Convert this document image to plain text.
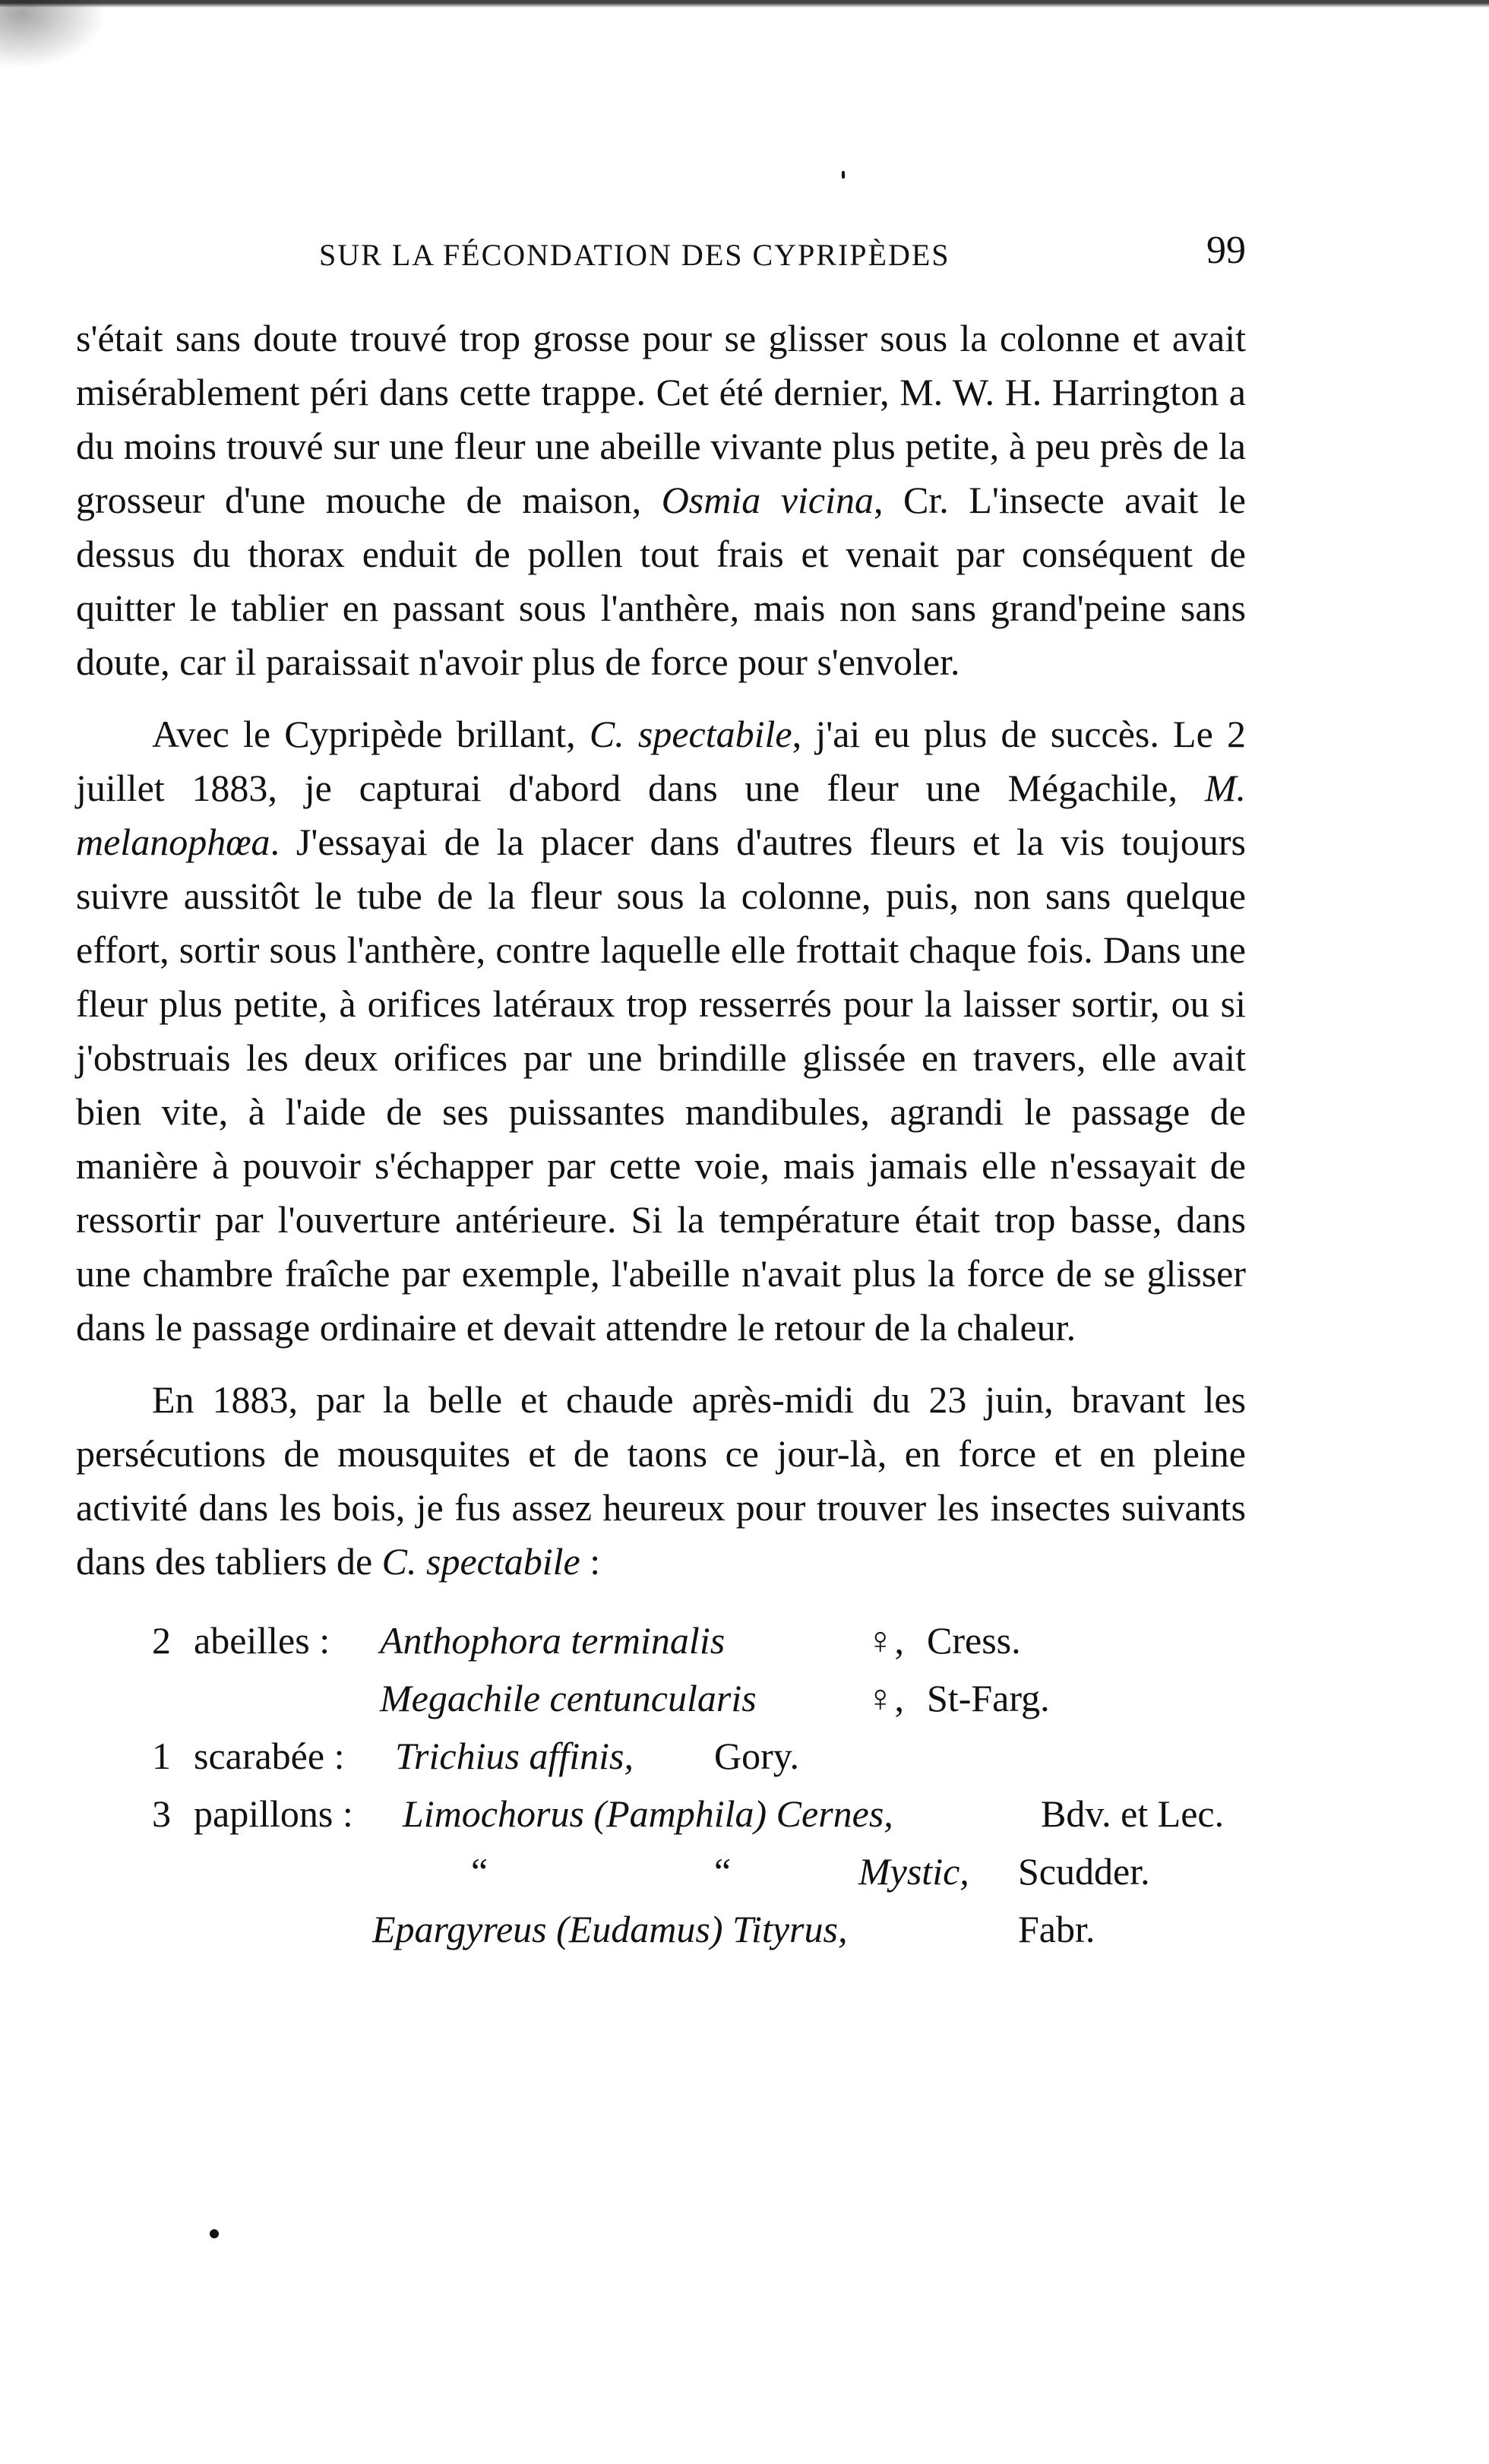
SUR LA FÉCONDATION DES CYPRIPÈDES	99

s'était sans doute trouvé trop grosse pour se glisser sous la colonne et avait misérablement péri dans cette trappe. Cet été dernier, M. W. H. Harrington a du moins trouvé sur une fleur une abeille vivante plus petite, à peu près de la grosseur d'une mouche de maison, Osmia vicina, Cr. L'insecte avait le dessus du thorax enduit de pollen tout frais et venait par conséquent de quitter le tablier en passant sous l'anthère, mais non sans grand'peine sans doute, car il paraissait n'avoir plus de force pour s'envoler.

Avec le Cypripède brillant, C. spectabile, j'ai eu plus de succès. Le 2 juillet 1883, je capturai d'abord dans une fleur une Mégachile, M. melanophœa. J'essayai de la placer dans d'autres fleurs et la vis toujours suivre aussitôt le tube de la fleur sous la colonne, puis, non sans quelque effort, sortir sous l'anthère, contre laquelle elle frottait chaque fois. Dans une fleur plus petite, à orifices latéraux trop resserrés pour la laisser sortir, ou si j'obstruais les deux orifices par une brindille glissée en travers, elle avait bien vite, à l'aide de ses puissantes mandibules, agrandi le passage de manière à pouvoir s'échapper par cette voie, mais jamais elle n'essayait de ressortir par l'ouverture antérieure. Si la température était trop basse, dans une chambre fraîche par exemple, l'abeille n'avait plus la force de se glisser dans le passage ordinaire et devait attendre le retour de la chaleur.

En 1883, par la belle et chaude après-midi du 23 juin, bravant les persécutions de mousquites et de taons ce jour-là, en force et en pleine activité dans les bois, je fus assez heureux pour trouver les insectes suivants dans des tabliers de C. spectabile :

2 abeilles : Anthophora terminalis	♀, Cress.
Megachile centuncularis	♀, St-Farg.
1 scarabée : Trichius affinis, Gory.
3 papillons : Limochorus (Pamphila) Cernes,	Bdv. et Lec.
“	“	Mystic, Scudder.
Epargyreus (Eudamus) Tityrus,	Fabr.
